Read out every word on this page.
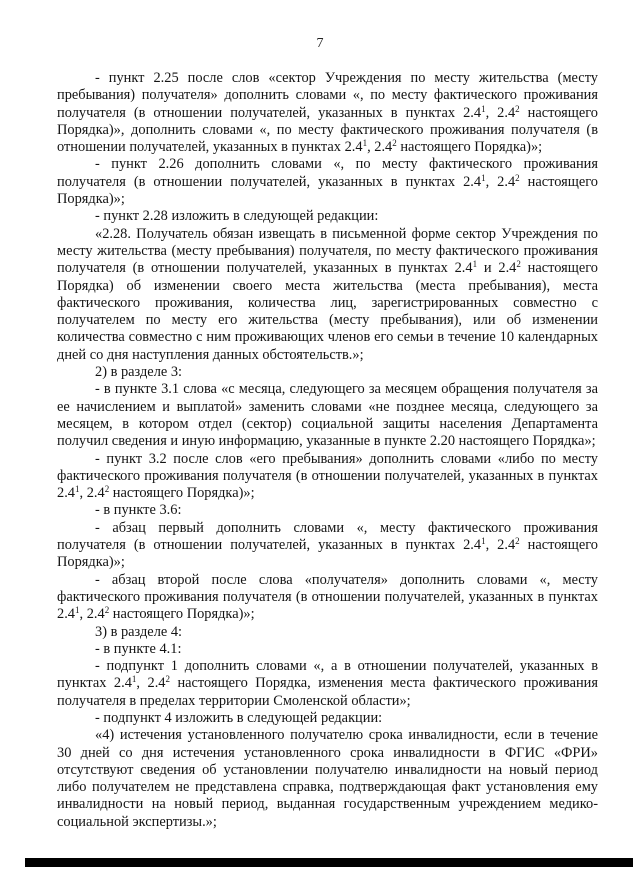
7

- пункт 2.25 после слов «сектор Учреждения по месту жительства (месту пребывания) получателя» дополнить словами «, по месту фактического проживания получателя (в отношении получателей, указанных в пунктах $2.4^1$, $2.4^2$ настоящего Порядка)», дополнить словами «, по месту фактического проживания получателя (в отношении получателей, указанных в пунктах $2.4^1$, $2.4^2$ настоящего Порядка)»;

- пункт 2.26 дополнить словами «, по месту фактического проживания получателя (в отношении получателей, указанных в пунктах $2.4^1$, $2.4^2$ настоящего Порядка)»;

- пункт 2.28 изложить в следующей редакции:

«2.28. Получатель обязан извещать в письменной форме сектор Учреждения по месту жительства (месту пребывания) получателя, по месту фактического проживания получателя (в отношении получателей, указанных в пунктах $2.4^1$ и $2.4^2$ настоящего Порядка) об изменении своего места жительства (места пребывания), места фактического проживания, количества лиц, зарегистрированных совместно с получателем по месту его жительства (месту пребывания), или об изменении количества совместно с ним проживающих членов его семьи в течение 10 календарных дней со дня наступления данных обстоятельств.»;

2) в разделе 3:

- в пункте 3.1 слова «с месяца, следующего за месяцем обращения получателя за ее начислением и выплатой» заменить словами «не позднее месяца, следующего за месяцем, в котором отдел (сектор) социальной защиты населения Департамента получил сведения и иную информацию, указанные в пункте 2.20 настоящего Порядка»;

- пункт 3.2 после слов «его пребывания» дополнить словами «либо по месту фактического проживания получателя (в отношении получателей, указанных в пунктах $2.4^1$, $2.4^2$ настоящего Порядка)»;

- в пункте 3.6:

- абзац первый дополнить словами «, месту фактического проживания получателя (в отношении получателей, указанных в пунктах $2.4^1$, $2.4^2$ настоящего Порядка)»;

- абзац второй после слова «получателя» дополнить словами «, месту фактического проживания получателя (в отношении получателей, указанных в пунктах $2.4^1$, $2.4^2$ настоящего Порядка)»;

3) в разделе 4:

- в пункте 4.1:

- подпункт 1 дополнить словами «, а в отношении получателей, указанных в пунктах $2.4^1$, $2.4^2$ настоящего Порядка, изменения места фактического проживания получателя в пределах территории Смоленской области»;

- подпункт 4 изложить в следующей редакции:

«4) истечения установленного получателю срока инвалидности, если в течение 30 дней со дня истечения установленного срока инвалидности в ФГИС «ФРИ» отсутствуют сведения об установлении получателю инвалидности на новый период либо получателем не представлена справка, подтверждающая факт установления ему инвалидности на новый период, выданная государственным учреждением медико-социальной экспертизы.»;
